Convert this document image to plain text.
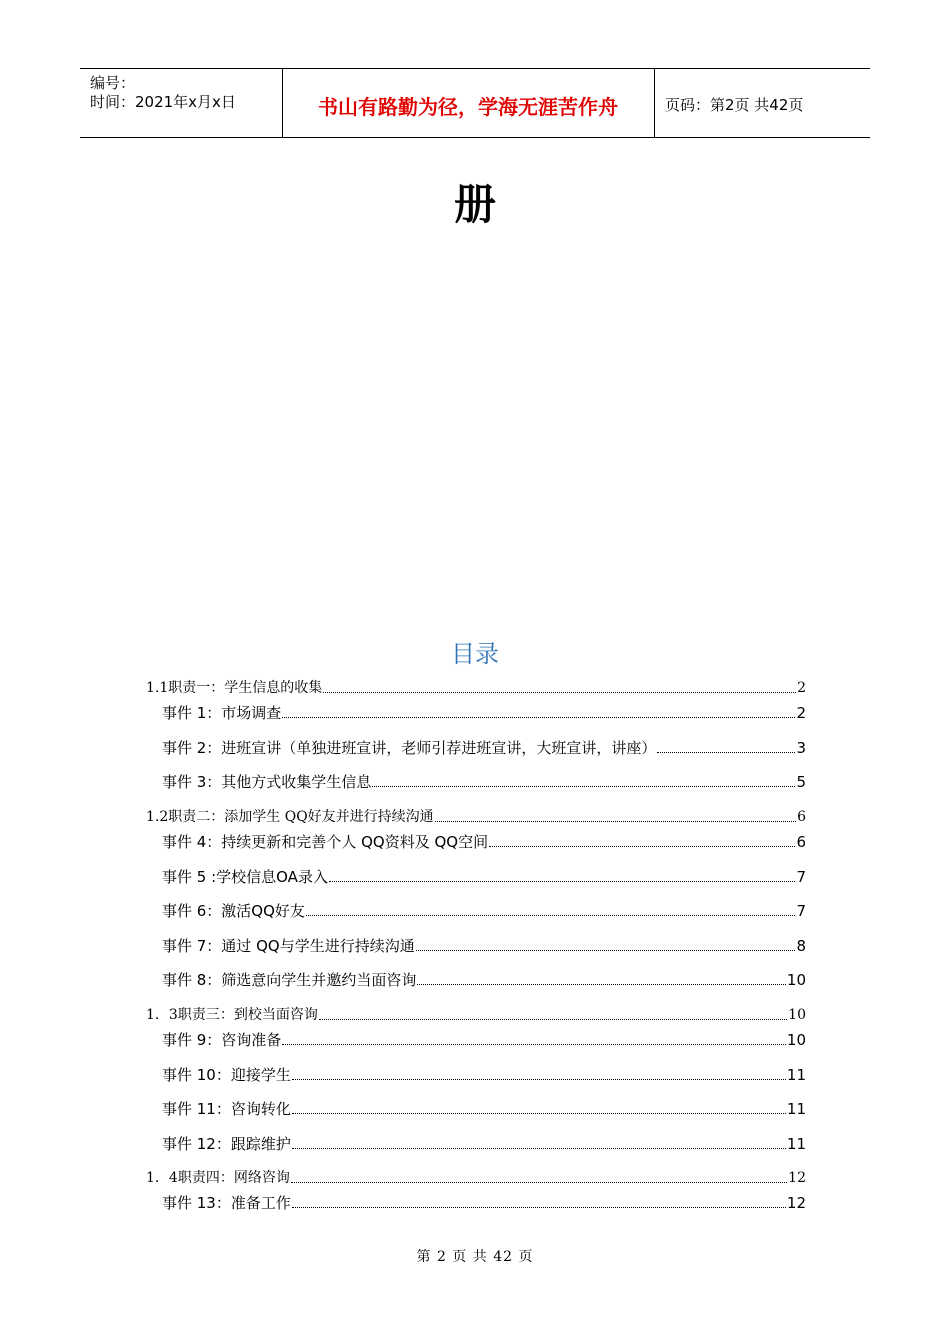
编号：
时间：2021年x月x日	书山有路勤为径，学海无涯苦作舟	页码：第2页 共42页
册
目录
1.1职责一：学生信息的收集	2
事件 1：市场调查	2
事件 2：进班宣讲（单独进班宣讲，老师引荐进班宣讲，大班宣讲，讲座）	3
事件 3：其他方式收集学生信息	5
1.2职责二：添加学生 QQ好友并进行持续沟通	6
事件 4：持续更新和完善个人 QQ资料及 QQ空间	6
事件 5 :学校信息OA录入	7
事件 6：激活QQ好友	7
事件 7：通过 QQ与学生进行持续沟通	8
事件 8：筛选意向学生并邀约当面咨询	10
1．3职责三：到校当面咨询	10
事件 9：咨询准备	10
事件 10：迎接学生	11
事件 11：咨询转化	11
事件 12：跟踪维护	11
1．4职责四：网络咨询	12
事件 13：准备工作	12
第 2 页 共 42 页
